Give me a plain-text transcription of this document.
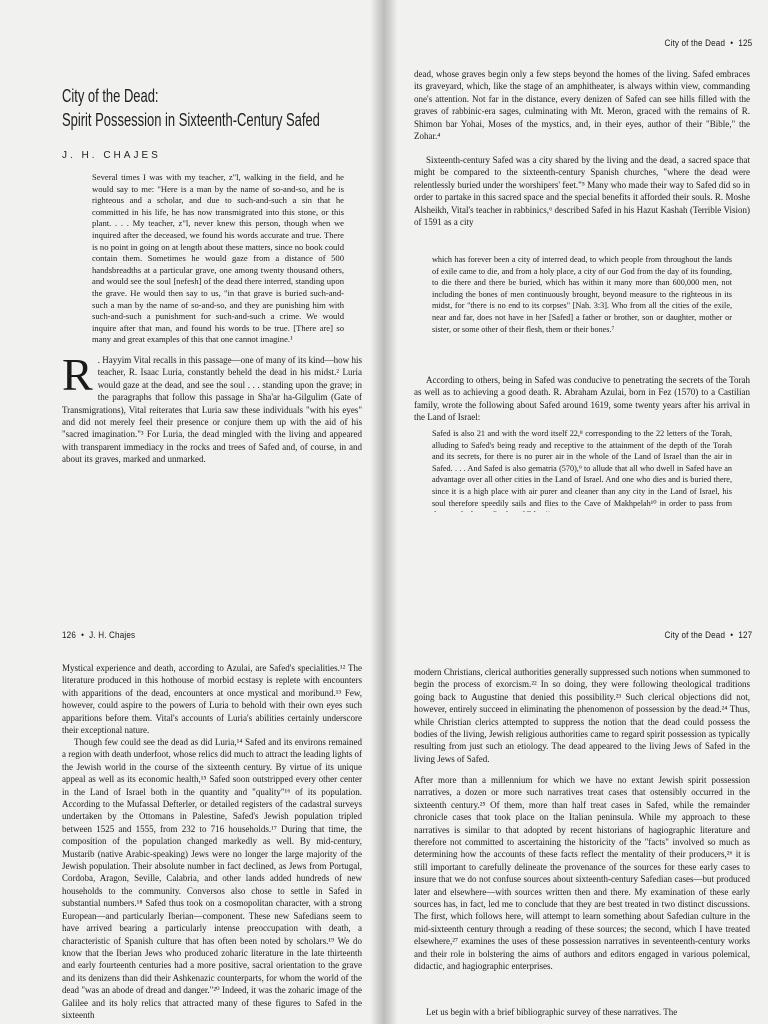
City of the Dead:
Spirit Possession in Sixteenth-Century Safed
J. H. CHAJES

Several times I was with my teacher, z"l, walking in the field, and he would say to me: "Here is a man by the name of so-and-so, and he is righteous and a scholar, and due to such-and-such a sin that he committed in his life, he has now transmigrated into this stone, or this plant. . . . My teacher, z"l, never knew this person, though when we inquired after the deceased, we found his words accurate and true. There is no point in going on at length about these matters, since no book could contain them. Sometimes he would gaze from a distance of 500 handsbreadths at a particular grave, one among twenty thousand others, and would see the soul [nefesh] of the dead there interred, standing upon the grave. He would then say to us, "in that grave is buried such-and-such a man by the name of so-and-so, and they are punishing him with such-and-such a punishment for such-and-such a crime. We would inquire after that man, and found his words to be true. [There are] so many and great examples of this that one cannot imagine.¹

R . Hayyim Vital recalls in this passage—one of many of its kind—how his teacher, R. Isaac Luria, constantly beheld the dead in his midst.² Luria would gaze at the dead, and see the soul . . . standing upon the grave; in the paragraphs that follow this passage in Sha'ar ha-Gilgulim (Gate of Transmigrations), Vital reiterates that Luria saw these individuals "with his eyes" and did not merely feel their presence or conjure them up with the aid of his "sacred imagination."³ For Luria, the dead mingled with the living and appeared with transparent immediacy in the rocks and trees of Safed and, of course, in and about its graves, marked and unmarked.

City of the Dead • 125

dead, whose graves begin only a few steps beyond the homes of the living. Safed embraces its graveyard, which, like the stage of an amphitheater, is always within view, commanding one's attention. Not far in the distance, every denizen of Safed can see hills filled with the graves of rabbinic-era sages, culminating with Mt. Meron, graced with the remains of R. Shimon bar Yohai, Moses of the mystics, and, in their eyes, author of their "Bible," the Zohar.⁴

Sixteenth-century Safed was a city shared by the living and the dead, a sacred space that might be compared to the sixteenth-century Spanish churches, "where the dead were relentlessly buried under the worshipers' feet."⁵ Many who made their way to Safed did so in order to partake in this sacred space and the special benefits it afforded their souls. R. Moshe Alsheikh, Vital's teacher in rabbinics,⁶ described Safed in his Hazut Kashah (Terrible Vision) of 1591 as a city

which has forever been a city of interred dead, to which people from throughout the lands of exile came to die, and from a holy place, a city of our God from the day of its founding, to die there and there be buried, which has within it many more than 600,000 men, not including the bones of men continuously brought, beyond measure to the righteous in its midst, for "there is no end to its corpses" [Nah. 3:3]. Who from all the cities of the exile, near and far, does not have in her [Safed] a father or brother, son or daughter, mother or sister, or some other of their flesh, them or their bones.⁷

According to others, being in Safed was conducive to penetrating the secrets of the Torah as well as to achieving a good death. R. Abraham Azulai, born in Fez (1570) to a Castilian family, wrote the following about Safed around 1619, some twenty years after his arrival in the Land of Israel:

Safed is also 21 and with the word itself 22,⁸ corresponding to the 22 letters of the Torah, alluding to Safed's being ready and receptive to the attainment of the depth of the Torah and its secrets, for there is no purer air in the whole of the Land of Israel than the air in Safed. . . . And Safed is also gematria (570),⁹ to allude that all who dwell in Safed have an advantage over all other cities in the Land of Israel. And one who dies and is buried there, since it is a high place with air purer and cleaner than any city in the Land of Israel, his soul therefore speedily sails and flies to the Cave of Makhpelah¹⁰ in order to pass from

126 • J. H. Chajes

Mystical experience and death, according to Azulai, are Safed's specialities.¹² The literature produced in this hothouse of morbid ecstasy is replete with encounters with apparitions of the dead, encounters at once mystical and moribund.¹³ Few, however, could aspire to the powers of Luria to behold with their own eyes such apparitions before them. Vital's accounts of Luria's abilities certainly underscore their exceptional nature.

Though few could see the dead as did Luria,¹⁴ Safed and its environs remained a region with death underfoot, whose relics did much to attract the leading lights of the Jewish world in the course of the sixteenth century. By virtue of its unique appeal as well as its economic health,¹⁵ Safed soon outstripped every other center in the Land of Israel both in the quantity and "quality"¹⁶ of its population. According to the Mufassal Defterler, or detailed registers of the cadastral surveys undertaken by the Ottomans in Palestine, Safed's Jewish population tripled between 1525 and 1555, from 232 to 716 households.¹⁷ During that time, the composition of the population changed markedly as well. By mid-century, Mustarib (native Arabic-speaking) Jews were no longer the large majority of the Jewish population. Their absolute number in fact declined, as Jews from Portugal, Cordoba, Aragon, Seville, Calabria, and other lands added hundreds of new households to the community. Conversos also chose to settle in Safed in substantial numbers.¹⁸ Safed thus took on a cosmopolitan character, with a strong European—and particularly Iberian—component. These new Safedians seem to have arrived bearing a particularly intense preoccupation with death, a characteristic of Spanish culture that has often been noted by scholars.¹⁹ We do know that the Iberian Jews who produced zoharic literature in the late thirteenth and early fourteenth centuries had a more positive, sacral orientation to the grave and its denizens than did their Ashkenazic counterparts, for whom the world of the dead "was an abode of dread and danger."²⁰ Indeed, it was the zoharic image of the Galilee and its holy relics that attracted many of these figures to Safed in the sixteenth

City of the Dead • 127

modern Christians, clerical authorities generally suppressed such notions when summoned to begin the process of exorcism.²² In so doing, they were following theological traditions going back to Augustine that denied this possibility.²³ Such clerical objections did not, however, entirely succeed in eliminating the phenomenon of possession by the dead.²⁴ Thus, while Christian clerics attempted to suppress the notion that the dead could possess the bodies of the living, Jewish religious authorities came to regard spirit possession as typically resulting from just such an etiology. The dead appeared to the living Jews of Safed in the living Jews of Safed.

After more than a millennium for which we have no extant Jewish spirit possession narratives, a dozen or more such narratives treat cases that ostensibly occurred in the sixteenth century.²⁵ Of them, more than half treat cases in Safed, while the remainder chronicle cases that took place on the Italian peninsula. While my approach to these narratives is similar to that adopted by recent historians of hagiographic literature and therefore not committed to ascertaining the historicity of the "facts" involved so much as determining how the accounts of these facts reflect the mentality of their producers,²⁶ it is still important to carefully delineate the provenance of the sources for these early cases to insure that we do not confuse sources about sixteenth-century Safedian cases—but produced later and elsewhere—with sources written then and there. My examination of these early sources has, in fact, led me to conclude that they are best treated in two distinct discussions. The first, which follows here, will attempt to learn something about Safedian culture in the mid-sixteenth century through a reading of these sources; the second, which I have treated elsewhere,²⁷ examines the uses of these possession narratives in seventeenth-century works and their role in bolstering the aims of authors and editors engaged in various polemical, didactic, and hagiographic enterprises.

Let us begin with a brief bibliographic survey of these narratives. The
